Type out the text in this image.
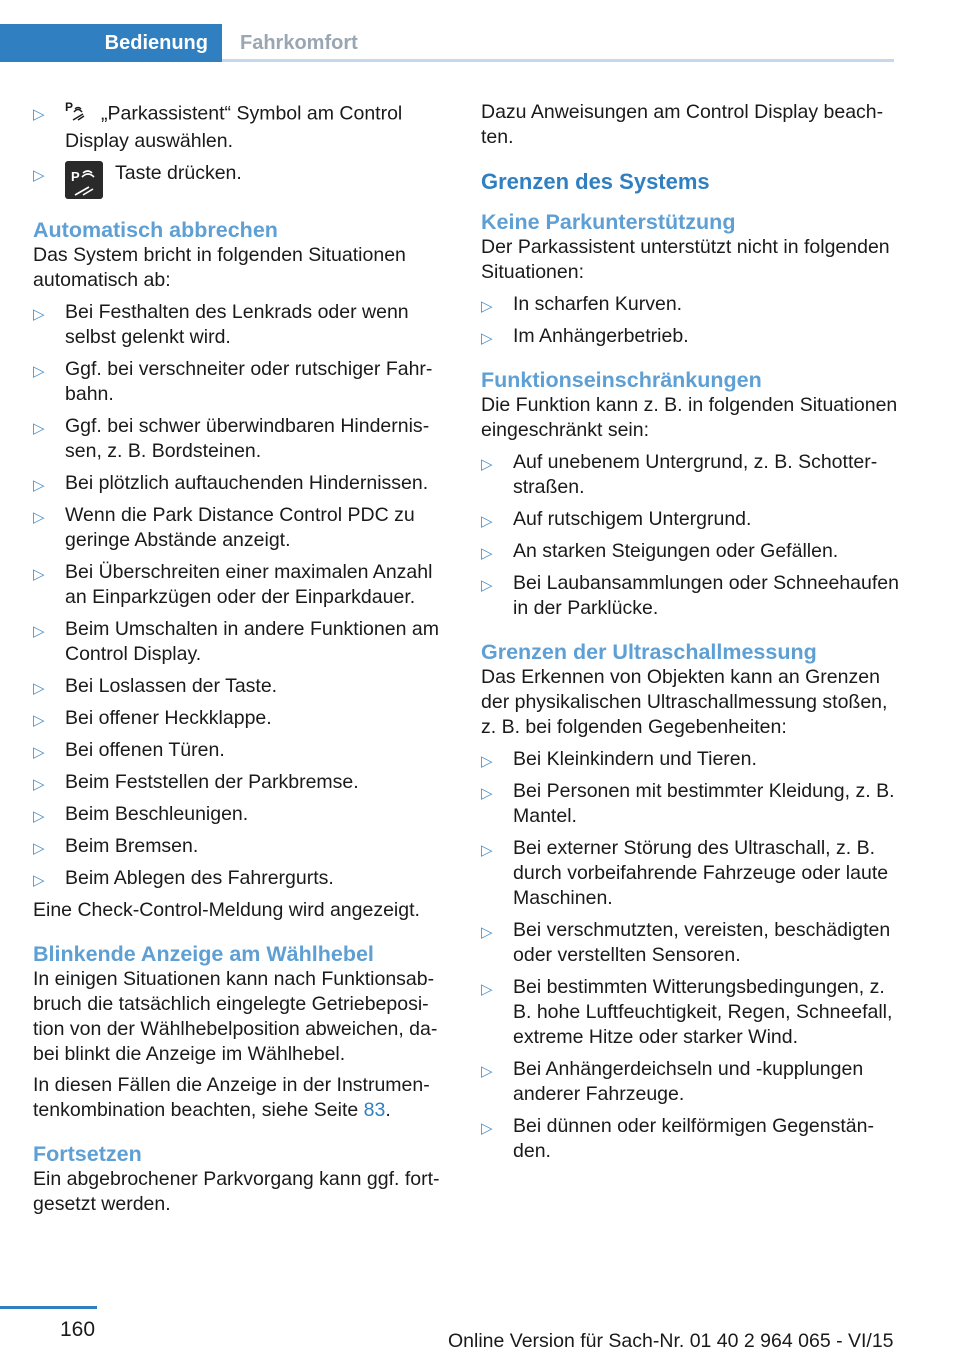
Bedienung Fahrkomfort
▷ P „Parkassistent“ Symbol am Control Display auswählen.
▷ P Taste drücken.
Automatisch abbrechen

Das System bricht in folgenden Situationen automatisch ab:

▷ Bei Festhalten des Lenkrads oder wenn selbst gelenkt wird.
▷ Ggf. bei verschneiter oder rutschiger Fahrbahn.
▷ Ggf. bei schwer überwindbaren Hindernissen, z. B. Bordsteinen.
▷ Bei plötzlich auftauchenden Hindernissen.
▷ Wenn die Park Distance Control PDC zu geringe Abstände anzeigt.
▷ Bei Überschreiten einer maximalen Anzahl an Einparkzügen oder der Einparkdauer.
▷ Beim Umschalten in andere Funktionen am Control Display.
▷ Bei Loslassen der Taste.
▷ Bei offener Heckklappe.
▷ Bei offenen Türen.
▷ Beim Feststellen der Parkbremse.
▷ Beim Beschleunigen.
▷ Beim Bremsen.
▷ Beim Ablegen des Fahrergurts.

Eine Check-Control-Meldung wird angezeigt.

Blinkende Anzeige am Wählhebel

In einigen Situationen kann nach Funktionsabbruch die tatsächlich eingelegte Getriebeposition von der Wählhebelposition abweichen, dabei blinkt die Anzeige im Wählhebel.

In diesen Fällen die Anzeige in der Instrumentenkombination beachten, siehe Seite 83.

Fortsetzen

Ein abgebrochener Parkvorgang kann ggf. fortgesetzt werden.

Dazu Anweisungen am Control Display beachten.

Grenzen des Systems
Keine Parkunterstützung

Der Parkassistent unterstützt nicht in folgenden Situationen:

▷ In scharfen Kurven.
▷ Im Anhängerbetrieb.
Funktionseinschränkungen

Die Funktion kann z. B. in folgenden Situationen eingeschränkt sein:

▷ Auf unebenem Untergrund, z. B. Schotterstraßen.
▷ Auf rutschigem Untergrund.
▷ An starken Steigungen oder Gefällen.
▷ Bei Laubansammlungen oder Schneehaufen in der Parklücke.
Grenzen der Ultraschallmessung

Das Erkennen von Objekten kann an Grenzen der physikalischen Ultraschallmessung stoßen, z. B. bei folgenden Gegebenheiten:

▷ Bei Kleinkindern und Tieren.
▷ Bei Personen mit bestimmter Kleidung, z. B. Mantel.
▷ Bei externer Störung des Ultraschall, z. B. durch vorbeifahrende Fahrzeuge oder laute Maschinen.
▷ Bei verschmutzten, vereisten, beschädigten oder verstellten Sensoren.
▷ Bei bestimmten Witterungsbedingungen, z. B. hohe Luftfeuchtigkeit, Regen, Schneefall, extreme Hitze oder starker Wind.
▷ Bei Anhängerdeichseln und -kupplungen anderer Fahrzeuge.
▷ Bei dünnen oder keilförmigen Gegenständen.
160	Online Version für Sach-Nr. 01 40 2 964 065 - VI/15
